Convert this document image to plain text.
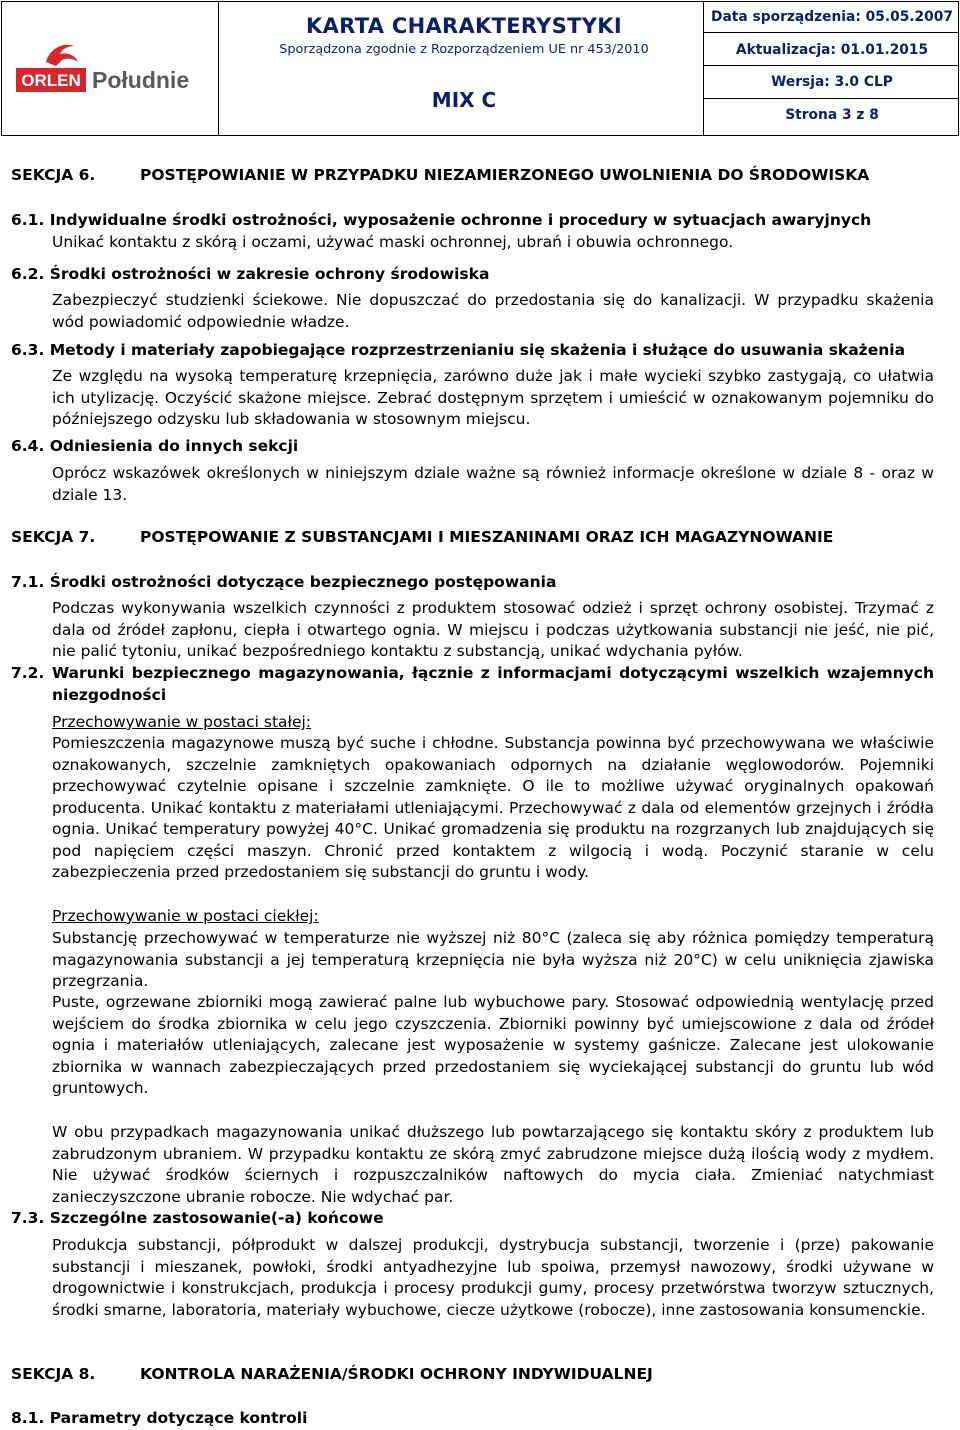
ORLEN Południe
KARTA CHARAKTERYSTYKI
Sporządzona zgodnie z Rozporządzeniem UE nr 453/2010
MIX C
Data sporządzenia: 05.05.2007
Aktualizacja: 01.01.2015
Wersja: 3.0 CLP
Strona 3 z 8
SEKCJA 6.	POSTĘPOWIANIE W PRZYPADKU NIEZAMIERZONEGO UWOLNIENIA DO ŚRODOWISKA
6.1. Indywidualne środki ostrożności, wyposażenie ochronne i procedury w sytuacjach awaryjnych
Unikać kontaktu z skórą i oczami, używać maski ochronnej, ubrań i obuwia ochronnego.
6.2. Środki ostrożności w zakresie ochrony środowiska
Zabezpieczyć studzienki ściekowe. Nie dopuszczać do przedostania się do kanalizacji. W przypadku skażenia wód powiadomić odpowiednie władze.
6.3. Metody i materiały zapobiegające rozprzestrzenianiu się skażenia i służące do usuwania skażenia
Ze względu na wysoką temperaturę krzepnięcia, zarówno duże jak i małe wycieki szybko zastygają, co ułatwia ich utylizację. Oczyścić skażone miejsce. Zebrać dostępnym sprzętem i umieścić w oznakowanym pojemniku do późniejszego odzysku lub składowania w stosownym miejscu.
6.4. Odniesienia do innych sekcji
Oprócz wskazówek określonych w niniejszym dziale ważne są również informacje określone w dziale 8 - oraz w dziale 13.
SEKCJA 7.	POSTĘPOWANIE Z SUBSTANCJAMI I MIESZANINAMI ORAZ ICH MAGAZYNOWANIE
7.1. Środki ostrożności dotyczące bezpiecznego postępowania
Podczas wykonywania wszelkich czynności z produktem stosować odzież i sprzęt ochrony osobistej. Trzymać z dala od źródeł zapłonu, ciepła i otwartego ognia. W miejscu i podczas użytkowania substancji nie jeść, nie pić, nie palić tytoniu, unikać bezpośredniego kontaktu z substancją, unikać wdychania pyłów.
7.2. Warunki bezpiecznego magazynowania, łącznie z informacjami dotyczącymi wszelkich wzajemnych niezgodności
Przechowywanie w postaci stałej:
Pomieszczenia magazynowe muszą być suche i chłodne. Substancja powinna być przechowywana we właściwie oznakowanych, szczelnie zamkniętych opakowaniach odpornych na działanie węglowodorów. Pojemniki przechowywać czytelnie opisane i szczelnie zamknięte. O ile to możliwe używać oryginalnych opakowań producenta. Unikać kontaktu z materiałami utleniającymi. Przechowywać z dala od elementów grzejnych i źródła ognia. Unikać temperatury powyżej 40°C. Unikać gromadzenia się produktu na rozgrzanych lub znajdujących się pod napięciem części maszyn. Chronić przed kontaktem z wilgocią i wodą. Poczynić staranie w celu zabezpieczenia przed przedostaniem się substancji do gruntu i wody.
Przechowywanie w postaci ciekłej:
Substancję przechowywać w temperaturze nie wyższej niż 80°C (zaleca się aby różnica pomiędzy temperaturą magazynowania substancji a jej temperaturą krzepnięcia nie była wyższa niż 20°C) w celu uniknięcia zjawiska przegrzania.
Puste, ogrzewane zbiorniki mogą zawierać palne lub wybuchowe pary. Stosować odpowiednią wentylację przed wejściem do środka zbiornika w celu jego czyszczenia. Zbiorniki powinny być umiejscowione z dala od źródeł ognia i materiałów utleniających, zalecane jest wyposażenie w systemy gaśnicze. Zalecane jest ulokowanie zbiornika w wannach zabezpieczających przed przedostaniem się wyciekającej substancji do gruntu lub wód gruntowych.
W obu przypadkach magazynowania unikać dłuższego lub powtarzającego się kontaktu skóry z produktem lub zabrudzonym ubraniem. W przypadku kontaktu ze skórą zmyć zabrudzone miejsce dużą ilością wody z mydłem. Nie używać środków ściernych i rozpuszczalników naftowych do mycia ciała. Zmieniać natychmiast zanieczyszczone ubranie robocze. Nie wdychać par.
7.3. Szczególne zastosowanie(-a) końcowe
Produkcja substancji, półprodukt w dalszej produkcji, dystrybucja substancji, tworzenie i (prze) pakowanie substancji i mieszanek, powłoki, środki antyadhezyjne lub spoiwa, przemysł nawozowy, środki używane w drogownictwie i konstrukcjach, produkcja i procesy produkcji gumy, procesy przetwórstwa tworzyw sztucznych, środki smarne, laboratoria, materiały wybuchowe, ciecze użytkowe (robocze), inne zastosowania konsumenckie.
SEKCJA 8.	KONTROLA NARAŻENIA/ŚRODKI OCHRONY INDYWIDUALNEJ
8.1. Parametry dotyczące kontroli
